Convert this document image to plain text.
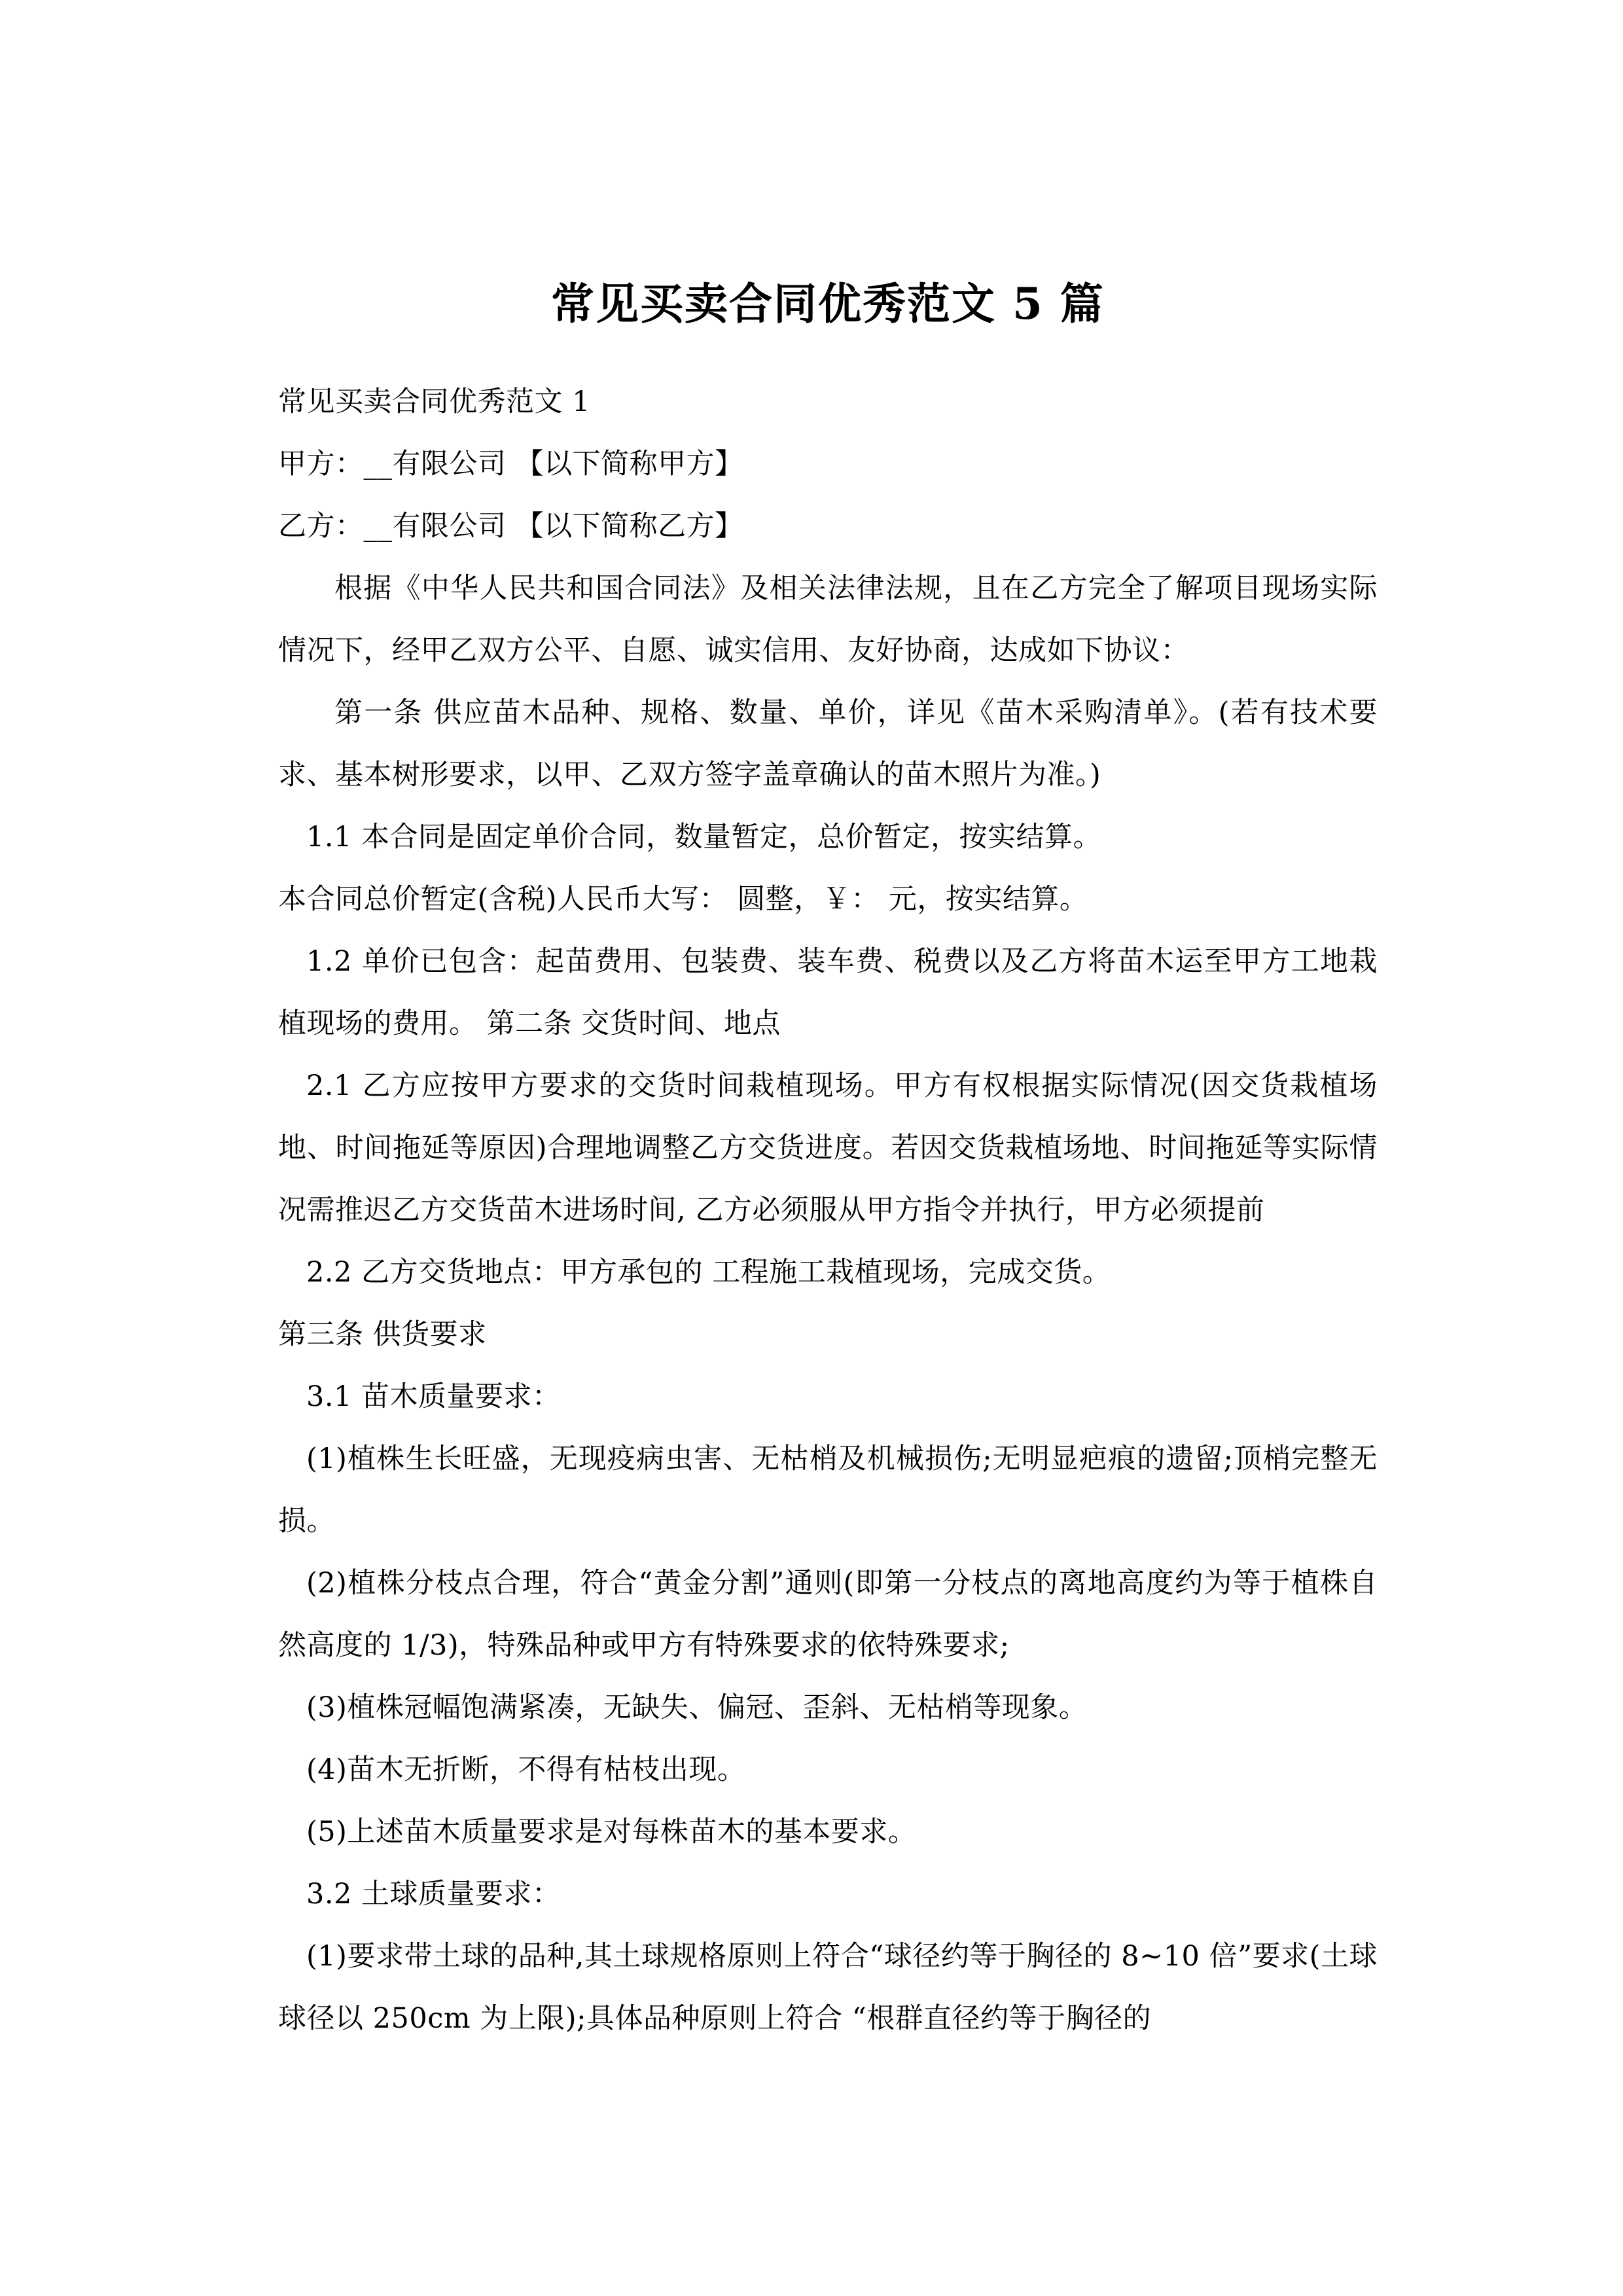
常见买卖合同优秀范文 5 篇

常见买卖合同优秀范文 1

甲方：__有限公司 【以下简称甲方】

乙方：__有限公司 【以下简称乙方】

根据《中华人民共和国合同法》及相关法律法规，且在乙方完全了解项目现场实际情况下，经甲乙双方公平、自愿、诚实信用、友好协商，达成如下协议：

第一条 供应苗木品种、规格、数量、单价，详见《苗木采购清单》。(若有技术要求、基本树形要求，以甲、乙双方签字盖章确认的苗木照片为准。)

1.1 本合同是固定单价合同，数量暂定，总价暂定，按实结算。

本合同总价暂定(含税)人民币大写： 圆整，￥： 元，按实结算。

1.2 单价已包含：起苗费用、包装费、装车费、税费以及乙方将苗木运至甲方工地栽植现场的费用。 第二条 交货时间、地点

2.1 乙方应按甲方要求的交货时间栽植现场。甲方有权根据实际情况(因交货栽植场地、时间拖延等原因)合理地调整乙方交货进度。若因交货栽植场地、时间拖延等实际情况需推迟乙方交货苗木进场时间, 乙方必须服从甲方指令并执行，甲方必须提前

2.2 乙方交货地点：甲方承包的 工程施工栽植现场，完成交货。

第三条 供货要求

3.1 苗木质量要求：

(1)植株生长旺盛，无现疫病虫害、无枯梢及机械损伤;无明显疤痕的遗留;顶梢完整无损。

(2)植株分枝点合理，符合“黄金分割”通则(即第一分枝点的离地高度约为等于植株自然高度的 1/3)，特殊品种或甲方有特殊要求的依特殊要求;

(3)植株冠幅饱满紧凑，无缺失、偏冠、歪斜、无枯梢等现象。

(4)苗木无折断，不得有枯枝出现。

(5)上述苗木质量要求是对每株苗木的基本要求。

3.2 土球质量要求：

(1)要求带土球的品种,其土球规格原则上符合“球径约等于胸径的 8~10 倍”要求(土球球径以 250cm 为上限);具体品种原则上符合 “根群直径约等于胸径的
